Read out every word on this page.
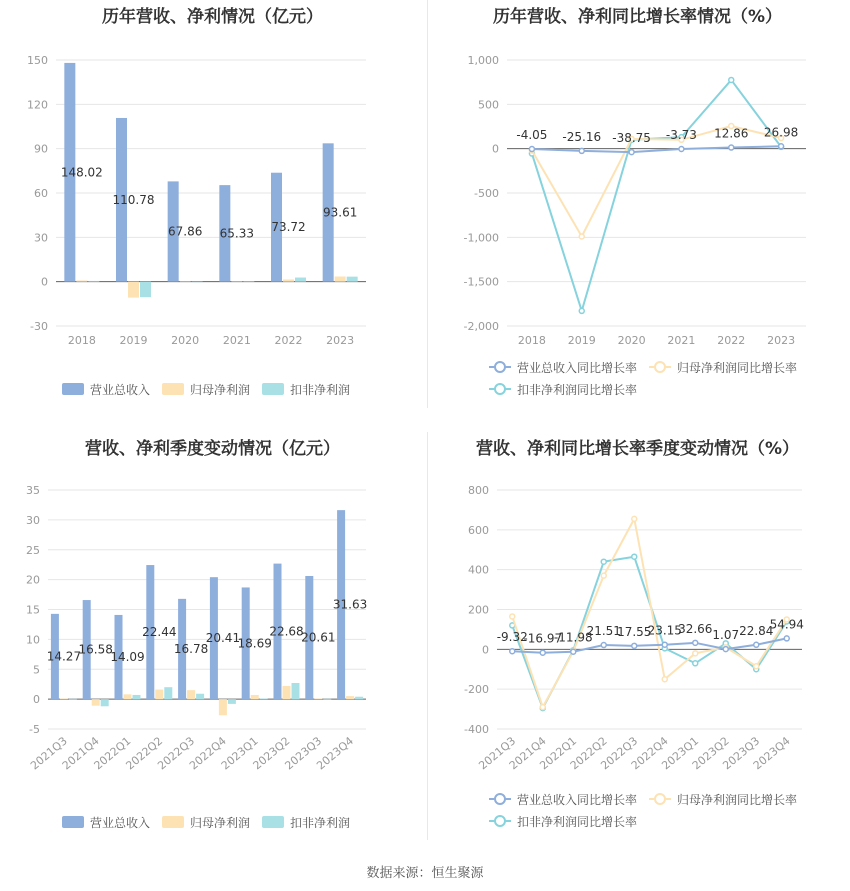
历年营收、净利情况（亿元）
-30
0
30
60
90
120
150
2018 2019 2020 2021 2022 2023
148.02
110.78
67.86 65.33 73.72
93.61
营业总收入	归母净利润	扣非净利润
历年营收、净利同比增长率情况（%）
-2,000
-1,500
-1,000
-500
0
500
1,000
2018 2019 2020 2021 2022 2023
-4.05 -25.16 -38.75 -3.73 12.86 26.98
营业总收入同比增长率	归母净利润同比增长率
扣非净利润同比增长率
营收、净利季度变动情况（亿元）
-5
0
5
10
15
20
25
30
35
2021Q3
2021Q4
2022Q1
2022Q2
2022Q3
2022Q4
2023Q1
2023Q2
2023Q3
2023Q4
14.27
16.58
14.09
22.44
16.78
20.41
18.69
22.68
20.61
31.63
营业总收入	归母净利润	扣非净利润
营收、净利同比增长率季度变动情况（%）
-400
-200
0
200
400
600
800
2021Q3
2021Q4
2022Q1
2022Q2
2022Q3
2022Q4
2023Q1
2023Q2
2023Q3
2023Q4
-9.32
-16.97
-11.98
21.51
17.55
23.15
32.66 1.07 22.84
54.94
营业总收入同比增长率	归母净利润同比增长率
扣非净利润同比增长率
数据来源：恒生聚源
